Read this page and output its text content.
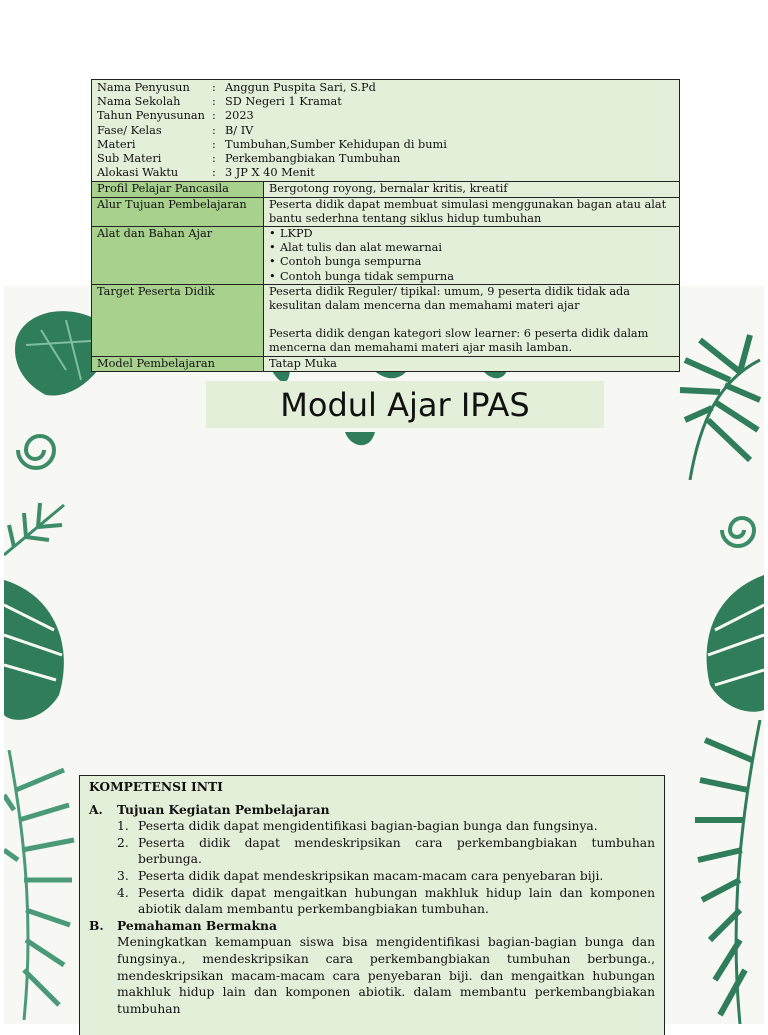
Nama Penyusun	: Anggun Puspita Sari, S.Pd
Nama Sekolah	: SD Negeri 1 Kramat
Tahun Penyusunan : 2023
Fase/ Kelas	: B/ IV
Materi	: Tumbuhan,Sumber Kehidupan di bumi
Sub Materi	: Perkembangbiakan Tumbuhan
Alokasi Waktu	: 3 JP X 40 Menit
Profil Pelajar Pancasila	Bergotong royong, bernalar kritis, kreatif
Alur Tujuan Pembelajaran	Peserta didik dapat membuat simulasi menggunakan bagan atau alat bantu sederhna tentang siklus hidup tumbuhan
Alat dan Bahan Ajar
•	LKPD
• Alat tulis dan alat mewarnai
• Contoh bunga sempurna
• Contoh bunga tidak sempurna
Target Peserta Didik	Peserta didik Reguler/ tipikal: umum, 9 peserta didik tidak ada kesulitan dalam mencerna dan memahami materi ajar
Peserta didik dengan kategori slow learner: 6 peserta didik dalam mencerna dan memahami materi ajar masih lamban.
Model Pembelajaran	Tatap Muka
Modul Ajar IPAS
KOMPETENSI INTI
A.	Tujuan Kegiatan Pembelajaran
1. Peserta didik dapat mengidentifikasi bagian-bagian bunga dan fungsinya.
2. Peserta didik dapat mendeskripsikan cara perkembangbiakan tumbuhan berbunga.
3. Peserta didik dapat mendeskripsikan macam-macam cara penyebaran biji.
4. Peserta didik dapat mengaitkan hubungan makhluk hidup lain dan komponen abiotik dalam membantu perkembangbiakan tumbuhan.
B.	Pemahaman Bermakna
Meningkatkan kemampuan siswa bisa mengidentifikasi bagian-bagian bunga dan fungsinya., mendeskripsikan cara perkembangbiakan tumbuhan berbunga., mendeskripsikan macam-macam cara penyebaran biji. dan mengaitkan hubungan makhluk hidup lain dan komponen abiotik. dalam membantu perkembangbiakan tumbuhan
